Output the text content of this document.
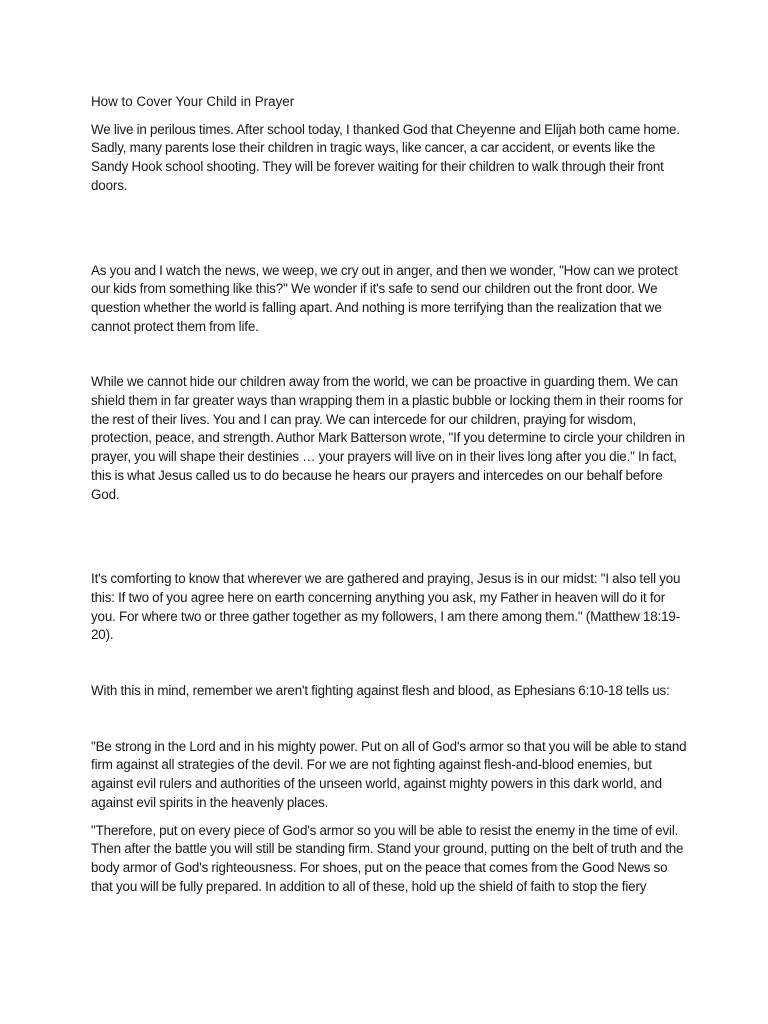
How to Cover Your Child in Prayer

We live in perilous times. After school today, I thanked God that Cheyenne and Elijah both came home. Sadly, many parents lose their children in tragic ways, like cancer, a car accident, or events like the Sandy Hook school shooting. They will be forever waiting for their children to walk through their front doors.

As you and I watch the news, we weep, we cry out in anger, and then we wonder, "How can we protect our kids from something like this?" We wonder if it's safe to send our children out the front door. We question whether the world is falling apart. And nothing is more terrifying than the realization that we cannot protect them from life.

While we cannot hide our children away from the world, we can be proactive in guarding them. We can shield them in far greater ways than wrapping them in a plastic bubble or locking them in their rooms for the rest of their lives. You and I can pray. We can intercede for our children, praying for wisdom, protection, peace, and strength. Author Mark Batterson wrote, "If you determine to circle your children in prayer, you will shape their destinies … your prayers will live on in their lives long after you die." In fact, this is what Jesus called us to do because he hears our prayers and intercedes on our behalf before God.

It's comforting to know that wherever we are gathered and praying, Jesus is in our midst: "I also tell you this: If two of you agree here on earth concerning anything you ask, my Father in heaven will do it for you. For where two or three gather together as my followers, I am there among them." (Matthew 18:19-20).

With this in mind, remember we aren't fighting against flesh and blood, as Ephesians 6:10-18 tells us:

"Be strong in the Lord and in his mighty power. Put on all of God's armor so that you will be able to stand firm against all strategies of the devil. For we are not fighting against flesh-and-blood enemies, but against evil rulers and authorities of the unseen world, against mighty powers in this dark world, and against evil spirits in the heavenly places.

"Therefore, put on every piece of God's armor so you will be able to resist the enemy in the time of evil. Then after the battle you will still be standing firm. Stand your ground, putting on the belt of truth and the body armor of God's righteousness. For shoes, put on the peace that comes from the Good News so that you will be fully prepared. In addition to all of these, hold up the shield of faith to stop the fiery
